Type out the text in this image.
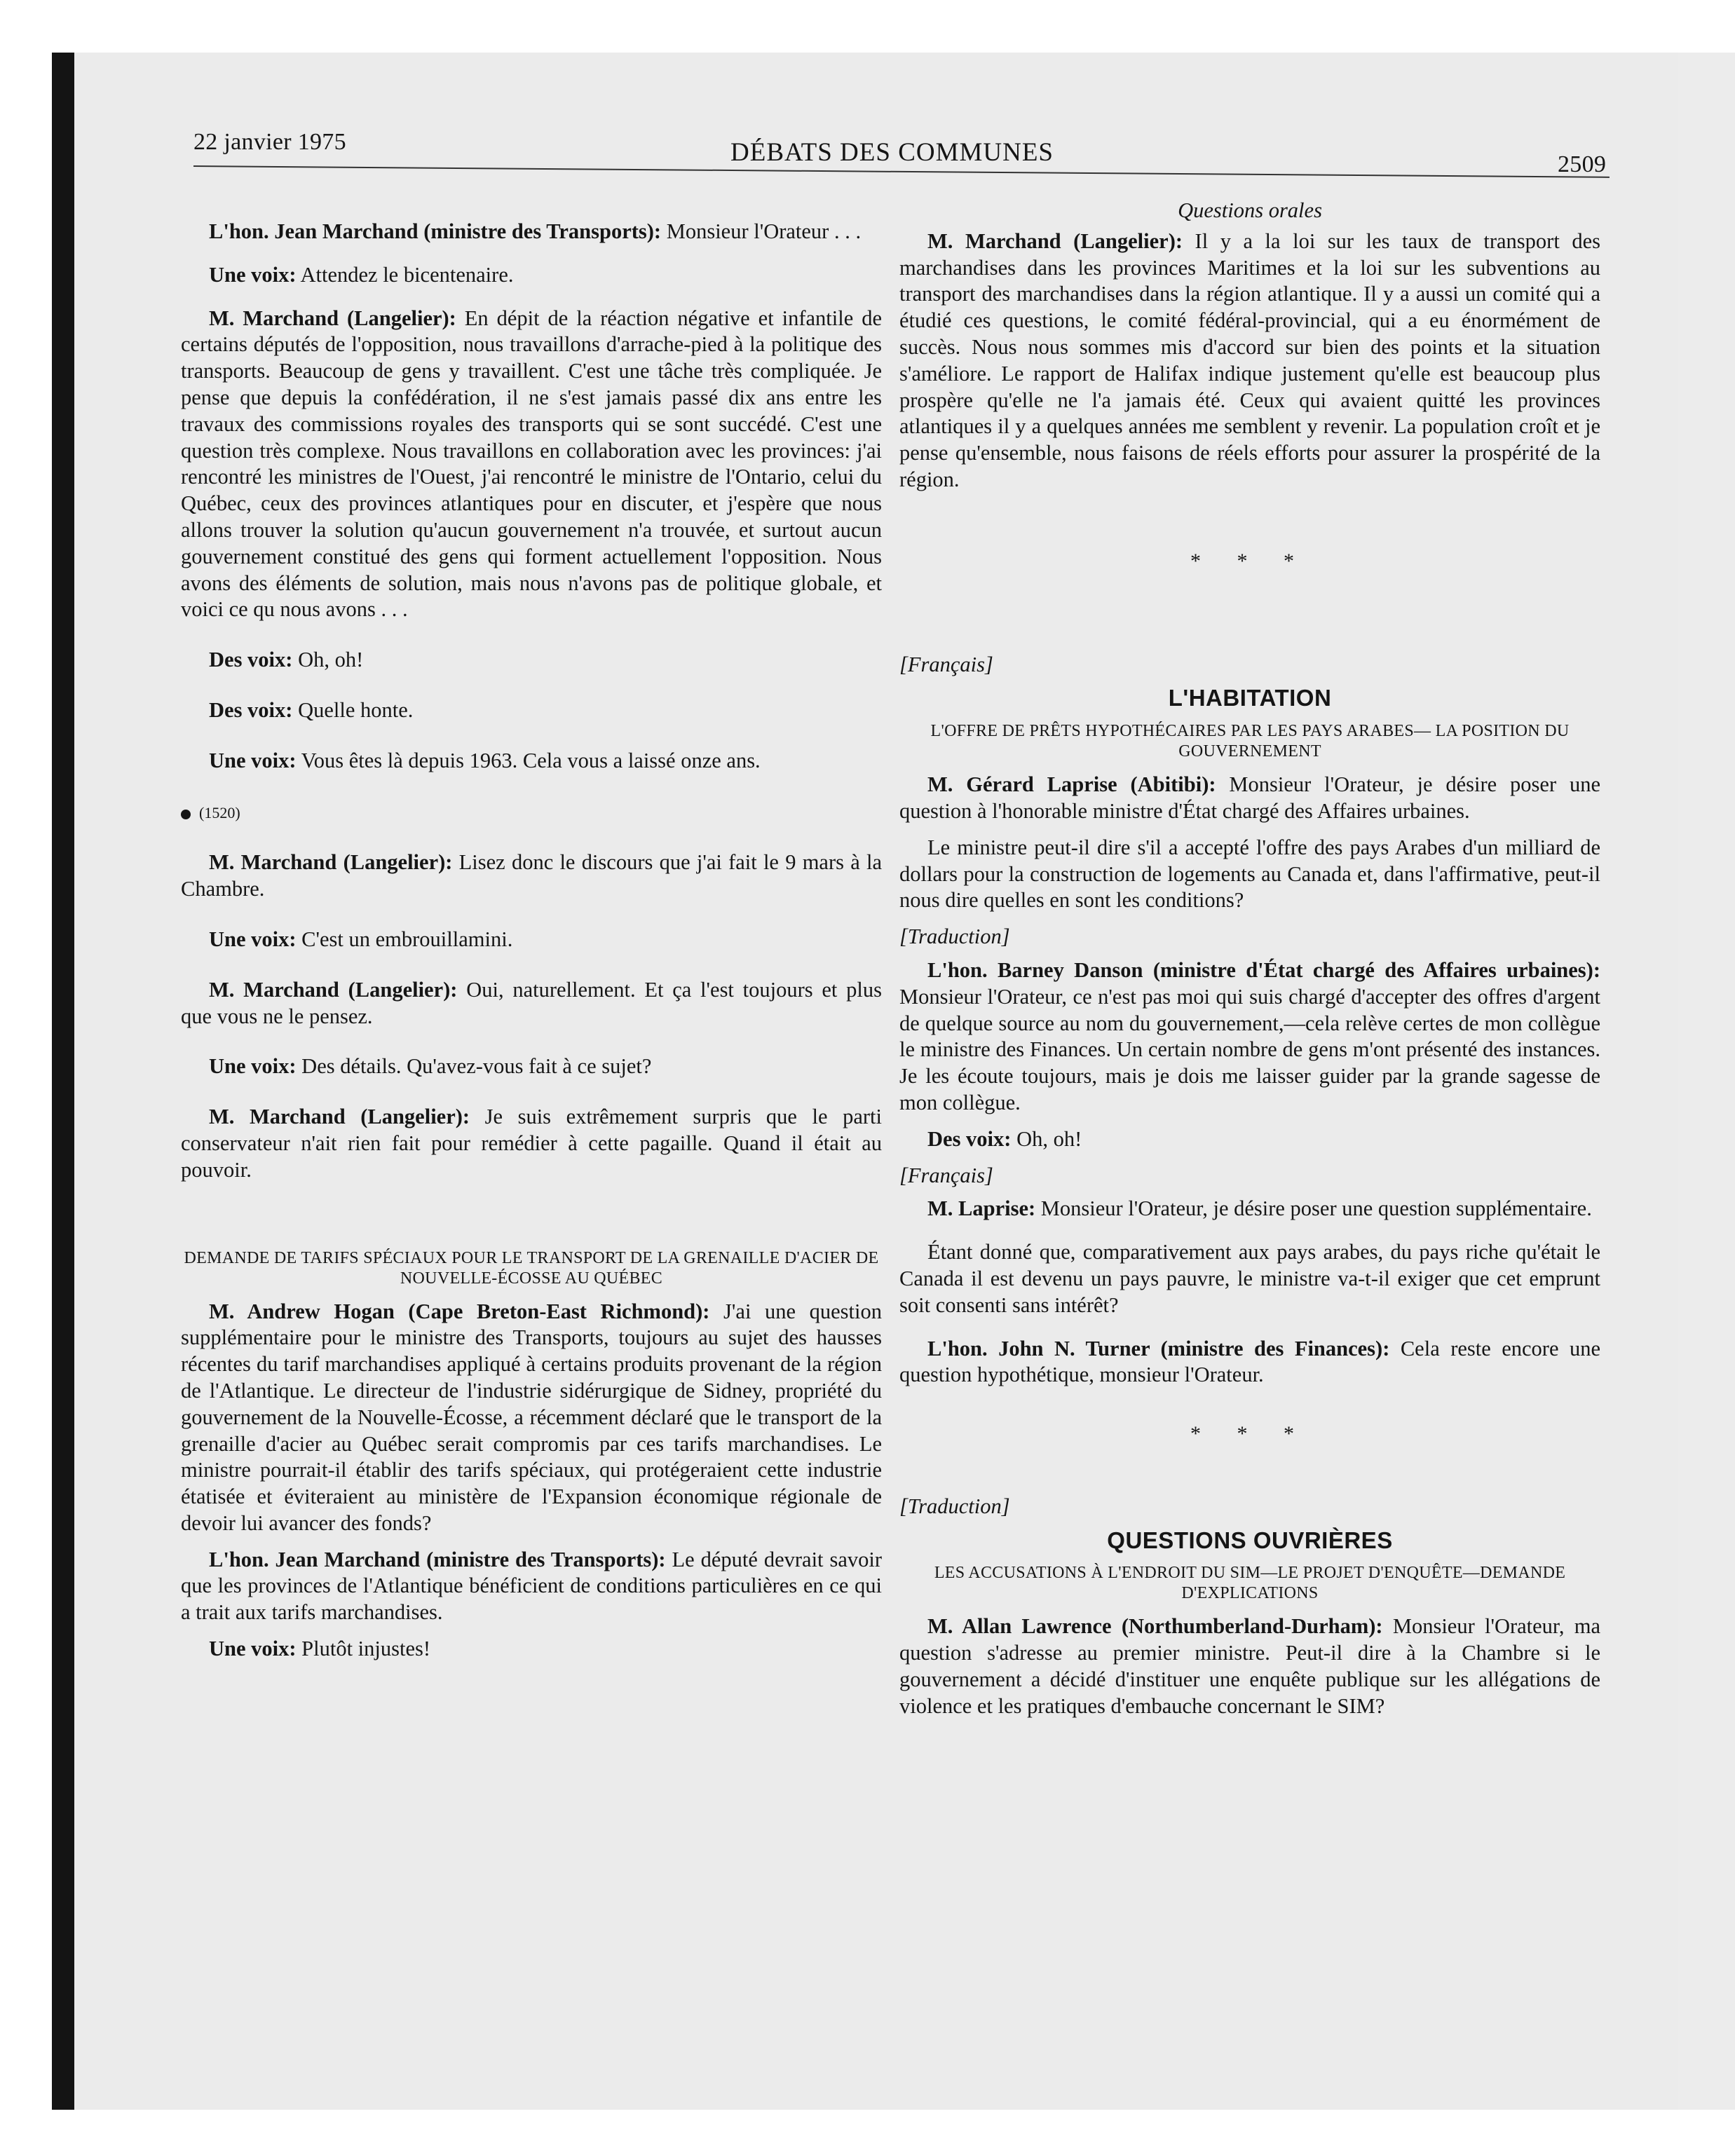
22 janvier 1975	DÉBATS DES COMMUNES	2509

L'hon. Jean Marchand (ministre des Transports): Monsieur l'Orateur . . .

Une voix: Attendez le bicentenaire.

M. Marchand (Langelier): En dépit de la réaction négative et infantile de certains députés de l'opposition, nous travaillons d'arrache-pied à la politique des transports. Beaucoup de gens y travaillent. C'est une tâche très compliquée. Je pense que depuis la confédération, il ne s'est jamais passé dix ans entre les travaux des commissions royales des transports qui se sont succédé. C'est une question très complexe. Nous travaillons en collaboration avec les provinces: j'ai rencontré les ministres de l'Ouest, j'ai rencontré le ministre de l'Ontario, celui du Québec, ceux des provinces atlantiques pour en discuter, et j'espère que nous allons trouver la solution qu'aucun gouvernement n'a trouvée, et surtout aucun gouvernement constitué des gens qui forment actuellement l'opposition. Nous avons des éléments de solution, mais nous n'avons pas de politique globale, et voici ce qu nous avons . . .

Des voix: Oh, oh!

Des voix: Quelle honte.

Une voix: Vous êtes là depuis 1963. Cela vous a laissé onze ans.

(1520)

M. Marchand (Langelier): Lisez donc le discours que j'ai fait le 9 mars à la Chambre.

Une voix: C'est un embrouillamini.

M. Marchand (Langelier): Oui, naturellement. Et ça l'est toujours et plus que vous ne le pensez.

Une voix: Des détails. Qu'avez-vous fait à ce sujet?

M. Marchand (Langelier): Je suis extrêmement surpris que le parti conservateur n'ait rien fait pour remédier à cette pagaille. Quand il était au pouvoir.

DEMANDE DE TARIFS SPÉCIAUX POUR LE TRANSPORT DE LA GRENAILLE D'ACIER DE NOUVELLE-ÉCOSSE AU QUÉBEC

M. Andrew Hogan (Cape Breton-East Richmond): J'ai une question supplémentaire pour le ministre des Transports, toujours au sujet des hausses récentes du tarif marchandises appliqué à certains produits provenant de la région de l'Atlantique. Le directeur de l'industrie sidérurgique de Sidney, propriété du gouvernement de la Nouvelle-Écosse, a récemment déclaré que le transport de la grenaille d'acier au Québec serait compromis par ces tarifs marchandises. Le ministre pourrait-il établir des tarifs spéciaux, qui protégeraient cette industrie étatisée et éviteraient au ministère de l'Expansion économique régionale de devoir lui avancer des fonds?

L'hon. Jean Marchand (ministre des Transports): Le député devrait savoir que les provinces de l'Atlantique bénéficient de conditions particulières en ce qui a trait aux tarifs marchandises.

Une voix: Plutôt injustes!

Questions orales

M. Marchand (Langelier): Il y a la loi sur les taux de transport des marchandises dans les provinces Maritimes et la loi sur les subventions au transport des marchandises dans la région atlantique. Il y a aussi un comité qui a étudié ces questions, le comité fédéral-provincial, qui a eu énormément de succès. Nous nous sommes mis d'accord sur bien des points et la situation s'améliore. Le rapport de Halifax indique justement qu'elle est beaucoup plus prospère qu'elle ne l'a jamais été. Ceux qui avaient quitté les provinces atlantiques il y a quelques années me semblent y revenir. La population croît et je pense qu'ensemble, nous faisons de réels efforts pour assurer la prospérité de la région.

* * *

[Français]

L'HABITATION

L'OFFRE DE PRÊTS HYPOTHÉCAIRES PAR LES PAYS ARABES— LA POSITION DU GOUVERNEMENT

M. Gérard Laprise (Abitibi): Monsieur l'Orateur, je désire poser une question à l'honorable ministre d'État chargé des Affaires urbaines.

Le ministre peut-il dire s'il a accepté l'offre des pays Arabes d'un milliard de dollars pour la construction de logements au Canada et, dans l'affirmative, peut-il nous dire quelles en sont les conditions?

[Traduction]

L'hon. Barney Danson (ministre d'État chargé des Affaires urbaines): Monsieur l'Orateur, ce n'est pas moi qui suis chargé d'accepter des offres d'argent de quelque source au nom du gouvernement,—cela relève certes de mon collègue le ministre des Finances. Un certain nombre de gens m'ont présenté des instances. Je les écoute toujours, mais je dois me laisser guider par la grande sagesse de mon collègue.

Des voix: Oh, oh!

[Français]

M. Laprise: Monsieur l'Orateur, je désire poser une question supplémentaire.

Étant donné que, comparativement aux pays arabes, du pays riche qu'était le Canada il est devenu un pays pauvre, le ministre va-t-il exiger que cet emprunt soit consenti sans intérêt?

L'hon. John N. Turner (ministre des Finances): Cela reste encore une question hypothétique, monsieur l'Orateur.

* * *

[Traduction]

QUESTIONS OUVRIÈRES

LES ACCUSATIONS À L'ENDROIT DU SIM—LE PROJET D'ENQUÊTE—DEMANDE D'EXPLICATIONS

M. Allan Lawrence (Northumberland-Durham): Monsieur l'Orateur, ma question s'adresse au premier ministre. Peut-il dire à la Chambre si le gouvernement a décidé d'instituer une enquête publique sur les allégations de violence et les pratiques d'embauche concernant le SIM?
